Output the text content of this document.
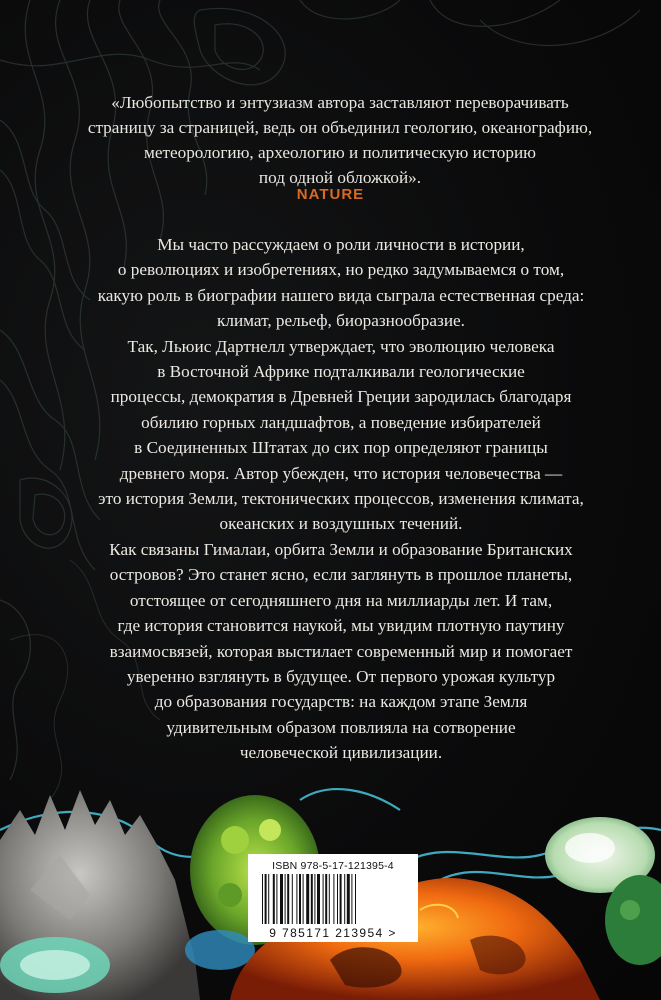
«Любопытство и энтузиазм автора заставляют переворачивать
страницу за страницей, ведь он объединил геологию, океанографию,
метеорологию, археологию и политическую историю
под одной обложкой».
NATURE
Мы часто рассуждаем о роли личности в истории,
о революциях и изобретениях, но редко задумываемся о том,
какую роль в биографии нашего вида сыграла естественная среда:
климат, рельеф, биоразнообразие.
Так, Льюис Дартнелл утверждает, что эволюцию человека
в Восточной Африке подталкивали геологические
процессы, демократия в Древней Греции зародилась благодаря
обилию горных ландшафтов, а поведение избирателей
в Соединенных Штатах до сих пор определяют границы
древнего моря. Автор убежден, что история человечества —
это история Земли, тектонических процессов, изменения климата,
океанских и воздушных течений.
Как связаны Гималаи, орбита Земли и образование Британских
островов? Это станет ясно, если заглянуть в прошлое планеты,
отстоящее от сегодняшнего дня на миллиарды лет. И там,
где история становится наукой, мы увидим плотную паутину
взаимосвязей, которая выстилает современный мир и помогает
уверенно взглянуть в будущее. От первого урожая культур
до образования государств: на каждом этапе Земля
удивительным образом повлияла на сотворение
человеческой цивилизации.
ISBN 978-5-17-121395-4
9 785171 213954 >
